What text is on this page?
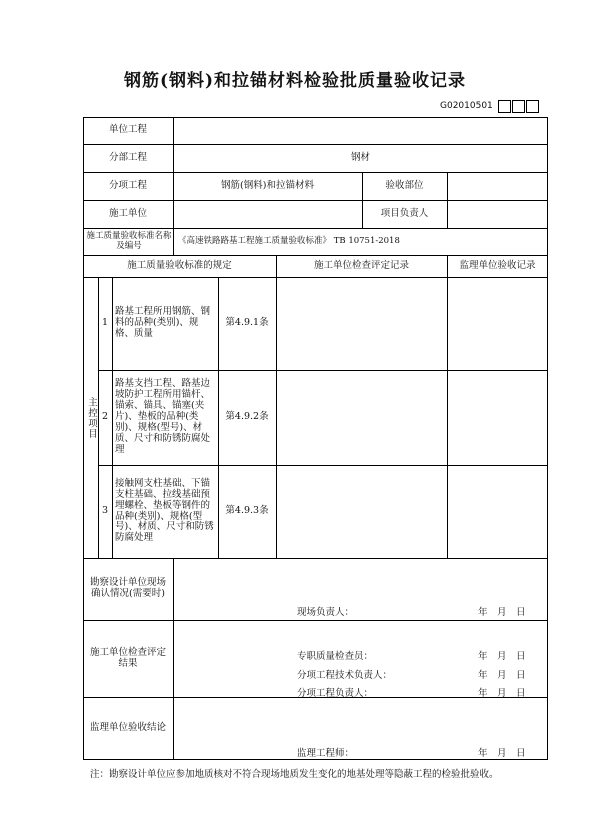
钢筋(钢料)和拉锚材料检验批质量验收记录
G02010501
单位工程
分部工程	钢材
分项工程	钢筋(钢料)和拉锚材料	验收部位
施工单位	项目负责人
施工质量验收标准名称及编号	《高速铁路路基工程施工质量验收标准》 TB 10751-2018
施工质量验收标准的规定	施工单位检查评定记录	监理单位验收记录
主控项目
1
路基工程所用钢筋、钢料的品种(类别)、规格、质量
第4.9.1条
2
路基支挡工程、路基边坡防护工程所用锚杆、锚索、锚具、锚塞(夹片)、垫板的品种(类别)、规格(型号)、材质、尺寸和防锈防腐处理
第4.9.2条
3
接触网支柱基础、下锚支柱基础、拉线基础预埋螺栓、垫板等钢件的品种(类别)、规格(型号)、材质、尺寸和防锈防腐处理
第4.9.3条
勘察设计单位现场确认情况(需要时)
现场负责人：	年　月　日
施工单位检查评定结果
专职质量检查员：	年　月　日
分项工程技术负责人：	年　月　日
分项工程负责人：	年　月　日
监理单位验收结论
监理工程师：	年　月　日
注：勘察设计单位应参加地质核对不符合现场地质发生变化的地基处理等隐蔽工程的检验批验收。
